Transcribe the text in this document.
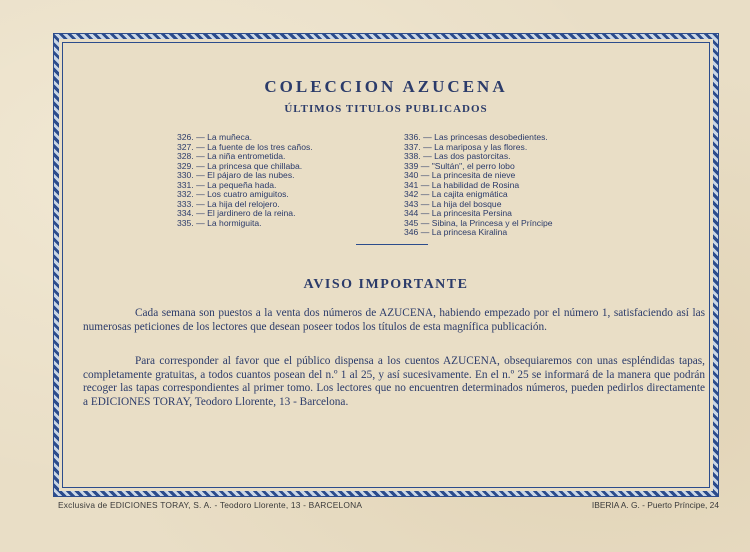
COLECCION AZUCENA
ÚLTIMOS TITULOS PUBLICADOS
326. — La muñeca.
327. — La fuente de los tres caños.
328. — La niña entrometida.
329. — La princesa que chillaba.
330. — El pájaro de las nubes.
331. — La pequeña hada.
332. — Los cuatro amiguitos.
333. — La hija del relojero.
334. — El jardinero de la reina.
335. — La hormiguita.
336. — Las princesas desobedientes.
337. — La mariposa y las flores.
338. — Las dos pastorcitas.
339 — "Sultán", el perro lobo
340 — La princesita de nieve
341 — La habilidad de Rosina
342 — La cajita enigmática
343 — La hija del bosque
344 — La princesita Persina
345 — Sibina, la Princesa y el Príncipe
346 — La princesa Kiralina
AVISO IMPORTANTE
Cada semana son puestos a la venta dos números de AZUCENA, habiendo empezado por el número 1, satisfaciendo así las numerosas peticiones de los lectores que desean poseer todos los títulos de esta magnífica publicación.
Para corresponder al favor que el público dispensa a los cuentos AZUCENA, obsequiaremos con unas espléndidas tapas, completamente gratuitas, a todos cuantos posean del n.º 1 al 25, y así sucesivamente. En el n.º 25 se informará de la manera que podrán recoger las tapas correspondientes al primer tomo. Los lectores que no encuentren determinados números, pueden pedirlos directamente a EDICIONES TORAY, Teodoro Llorente, 13 - Barcelona.
Exclusiva de EDICIONES TORAY, S. A. - Teodoro Llorente, 13 - BARCELONA	IBERIA A. G. - Puerto Príncipe, 24
